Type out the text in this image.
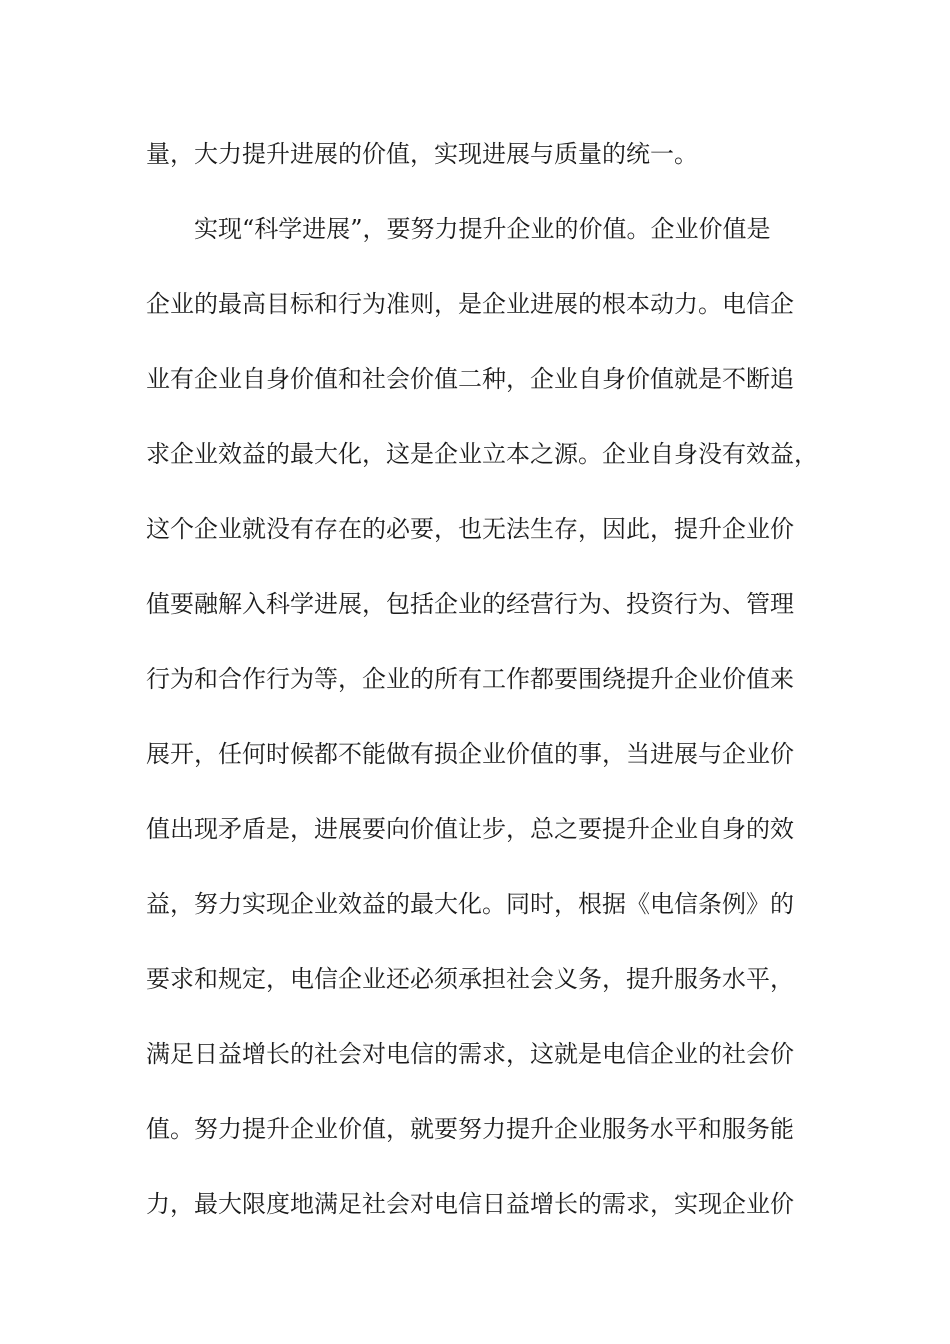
量，大力提升进展的价值，实现进展与质量的统一。
实现“科学进展”，要努力提升企业的价值。企业价值是
企业的最高目标和行为准则，是企业进展的根本动力。电信企
业有企业自身价值和社会价值二种，企业自身价值就是不断追
求企业效益的最大化，这是企业立本之源。企业自身没有效益，
这个企业就没有存在的必要，也无法生存，因此，提升企业价
值要融解入科学进展，包括企业的经营行为、投资行为、管理
行为和合作行为等，企业的所有工作都要围绕提升企业价值来
展开，任何时候都不能做有损企业价值的事，当进展与企业价
值出现矛盾是，进展要向价值让步，总之要提升企业自身的效
益，努力实现企业效益的最大化。同时，根据《电信条例》的
要求和规定，电信企业还必须承担社会义务，提升服务水平，
满足日益增长的社会对电信的需求，这就是电信企业的社会价
值。努力提升企业价值，就要努力提升企业服务水平和服务能
力，最大限度地满足社会对电信日益增长的需求，实现企业价
